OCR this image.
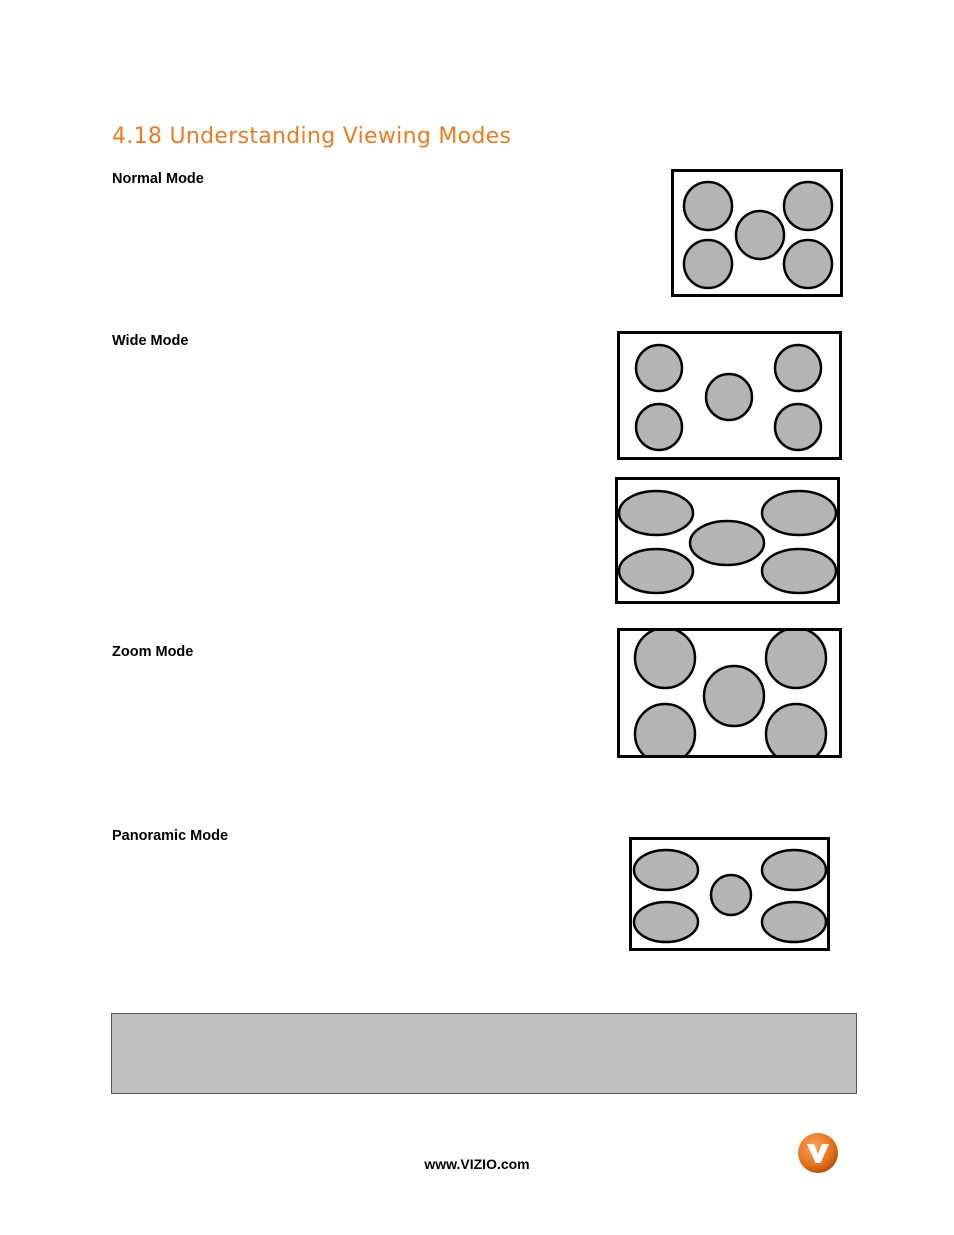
4.18 Understanding Viewing Modes
Normal Mode
Wide Mode
Zoom Mode
Panoramic Mode
www.VIZIO.com
